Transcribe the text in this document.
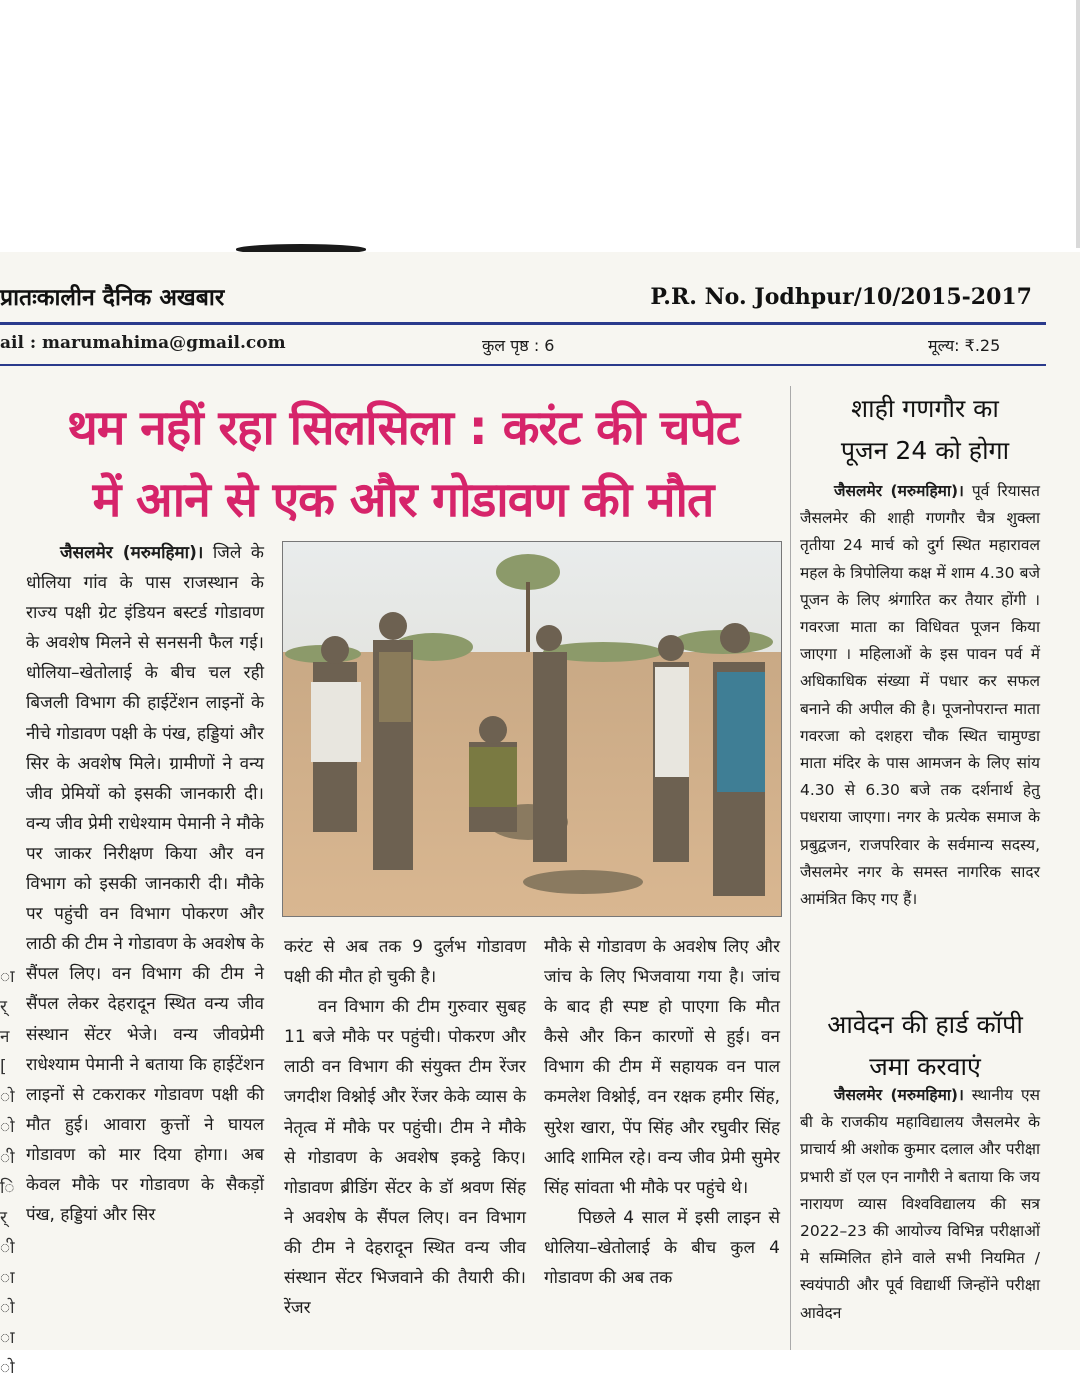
प्रातःकालीन दैनिक अखबार	P.R. No. Jodhpur/10/2015-2017
ail : marumahima@gmail.com	कुल पृष्ठ : 6	मूल्य: ₹.25
थम नहीं रहा सिलसिला : करंट की चपेट
में आने से एक और गोडावण की मौत
ा
र्
न
[
ो
ो
ी
ि
र्
ी
ा
ो
ा
ो

जैसलमेर (मरुमहिमा)। जिले के धोलिया गांव के पास राजस्थान के राज्य पक्षी ग्रेट इंडियन बस्टर्ड गोडावण के अवशेष मिलने से सनसनी फैल गई। धोलिया–खेतोलाई के बीच चल रही बिजली विभाग की हाईटेंशन लाइनों के नीचे गोडावण पक्षी के पंख, हड्डियां और सिर के अवशेष मिले। ग्रामीणों ने वन्य जीव प्रेमियों को इसकी जानकारी दी। वन्य जीव प्रेमी राधेश्याम पेमानी ने मौके पर जाकर निरीक्षण किया और वन विभाग को इसकी जानकारी दी। मौके पर पहुंची वन विभाग पोकरण और लाठी की टीम ने गोडावण के अवशेष के सैंपल लिए। वन विभाग की टीम ने सैंपल लेकर देहरादून स्थित वन्य जीव संस्थान सेंटर भेजे। वन्य जीवप्रेमी राधेश्याम पेमानी ने बताया कि हाईटेंशन लाइनों से टकराकर गोडावण पक्षी की मौत हुई। आवारा कुत्तों ने घायल गोडावण को मार दिया होगा। अब केवल मौके पर गोडावण के सैकड़ों पंख, हड्डियां और सिर

करंट से अब तक 9 दुर्लभ गोडावण पक्षी की मौत हो चुकी है।

वन विभाग की टीम गुरुवार सुबह 11 बजे मौके पर पहुंची। पोकरण और लाठी वन विभाग की संयुक्त टीम रेंजर जगदीश विश्नोई और रेंजर केके व्यास के नेतृत्व में मौके पर पहुंची। टीम ने मौके से गोडावण के अवशेष इकट्ठे किए। गोडावण ब्रीडिंग सेंटर के डॉ श्रवण सिंह ने अवशेष के सैंपल लिए। वन विभाग की टीम ने देहरादून स्थित वन्य जीव संस्थान सेंटर भिजवाने की तैयारी की। रेंजर

मौके से गोडावण के अवशेष लिए और जांच के लिए भिजवाया गया है। जांच के बाद ही स्पष्ट हो पाएगा कि मौत कैसे और किन कारणों से हुई। वन विभाग की टीम में सहायक वन पाल कमलेश विश्नोई, वन रक्षक हमीर सिंह, सुरेश खारा, पेंप सिंह और रघुवीर सिंह आदि शामिल रहे। वन्य जीव प्रेमी सुमेर सिंह सांवता भी मौके पर पहुंचे थे।

पिछले 4 साल में इसी लाइन से धोलिया–खेतोलाई के बीच कुल 4 गोडावण की अब तक

शाही गणगौर का
पूजन 24 को होगा

जैसलमेर (मरुमहिमा)। पूर्व रियासत जैसलमेर की शाही गणगौर चैत्र शुक्ला तृतीया 24 मार्च को दुर्ग स्थित महारावल महल के त्रिपोलिया कक्ष में शाम 4.30 बजे पूजन के लिए श्रंगारित कर तैयार होंगी । गवरजा माता का विधिवत पूजन किया जाएगा । महिलाओं के इस पावन पर्व में अधिकाधिक संख्या में पधार कर सफल बनाने की अपील की है। पूजनोपरान्त माता गवरजा को दशहरा चौक स्थित चामुण्डा माता मंदिर के पास आमजन के लिए सांय 4.30 से 6.30 बजे तक दर्शनार्थ हेतु पधराया जाएगा। नगर के प्रत्येक समाज के प्रबुद्वजन, राजपरिवार के सर्वमान्य सदस्य, जैसलमेर नगर के समस्त नागरिक सादर आमंत्रित किए गए हैं।

आवेदन की हार्ड कॉपी
जमा करवाएं

जैसलमेर (मरुमहिमा)। स्थानीय एस बी के राजकीय महाविद्यालय जैसलमेर के प्राचार्य श्री अशोक कुमार दलाल और परीक्षा प्रभारी डॉ एल एन नागौरी ने बताया कि जय नारायण व्यास विश्वविद्यालय की सत्र 2022–23 की आयोज्य विभिन्न परीक्षाओं मे सम्मिलित होने वाले सभी नियमित / स्वयंपाठी और पूर्व विद्यार्थी जिन्होंने परीक्षा आवेदन
